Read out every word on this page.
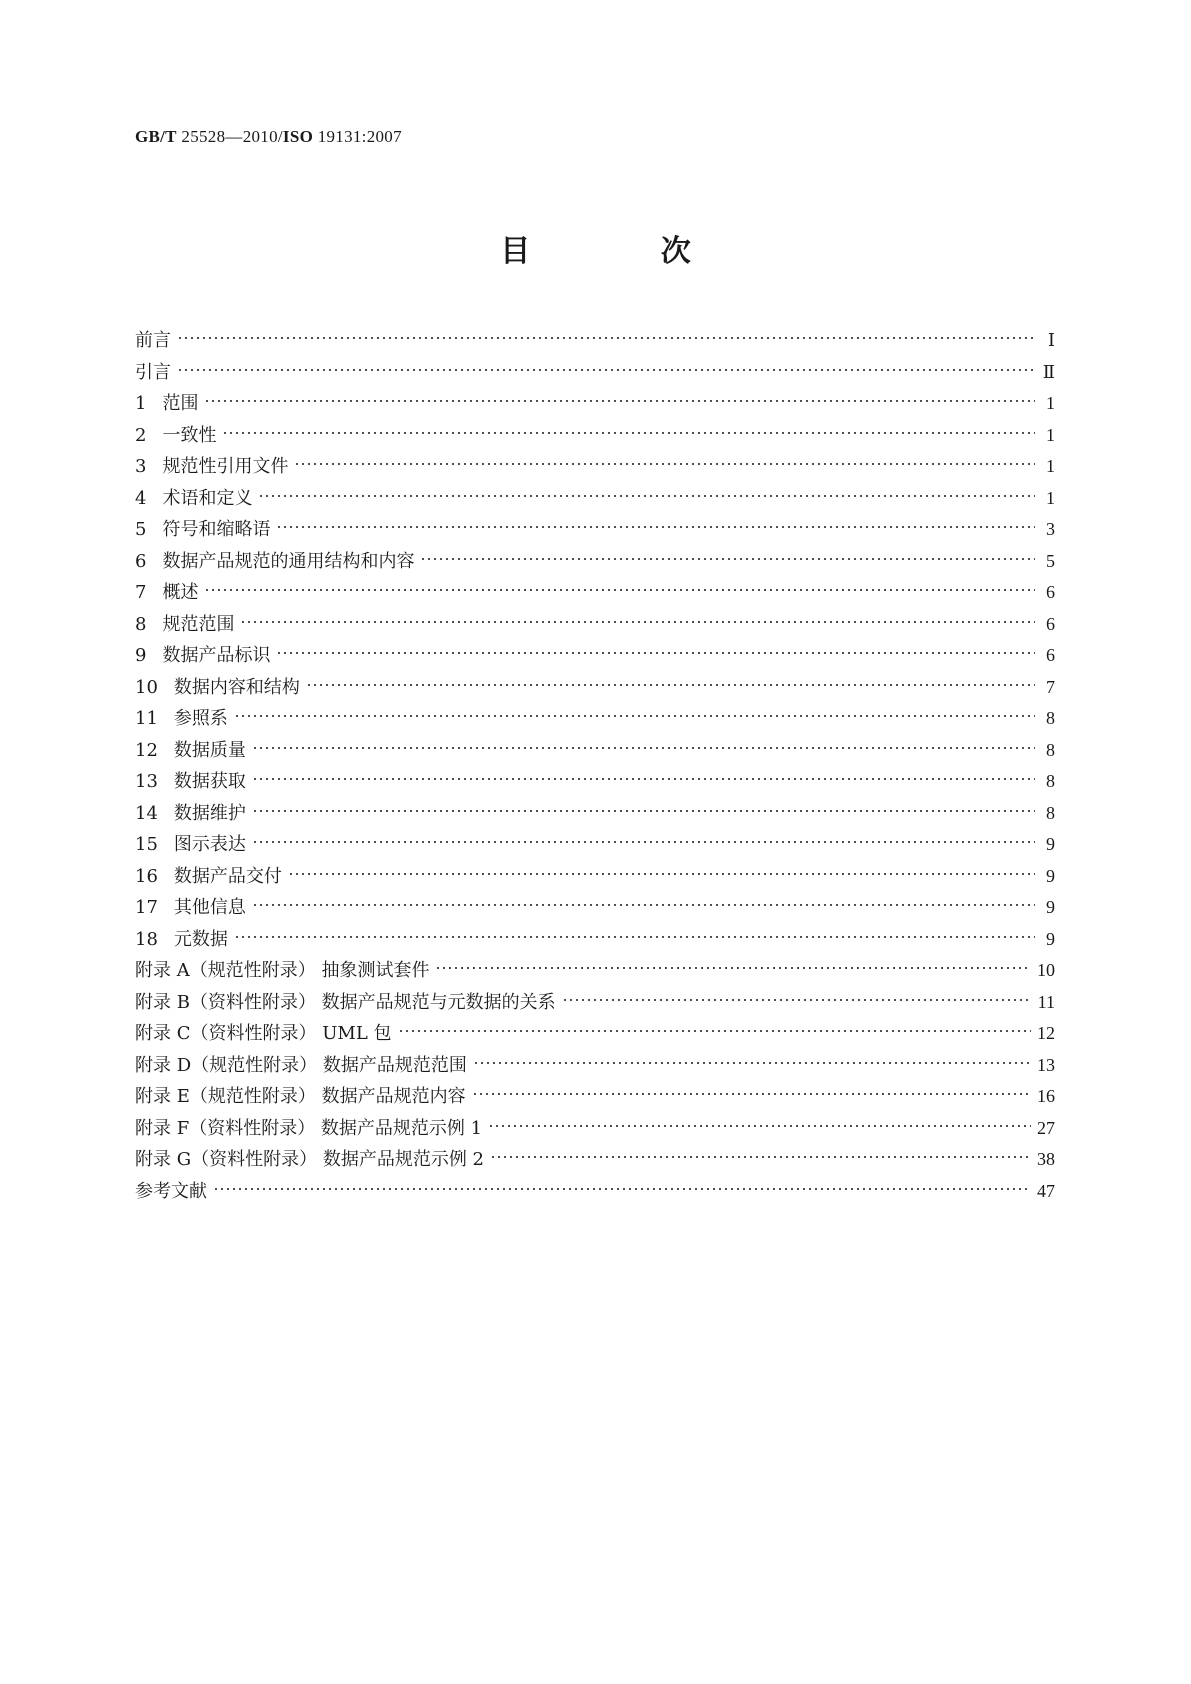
GB/T 25528—2010/ISO 19131:2007
目 次
前言	Ⅰ
引言	Ⅱ
1 范围	1
2 一致性	1
3 规范性引用文件	1
4 术语和定义	1
5 符号和缩略语	3
6 数据产品规范的通用结构和内容	5
7 概述	6
8 规范范围	6
9 数据产品标识	6
10 数据内容和结构	7
11 参照系	8
12 数据质量	8
13 数据获取	8
14 数据维护	8
15 图示表达	9
16 数据产品交付	9
17 其他信息	9
18 元数据	9
附录 A（规范性附录） 抽象测试套件	10
附录 B（资料性附录） 数据产品规范与元数据的关系	11
附录 C（资料性附录） UML 包	12
附录 D（规范性附录） 数据产品规范范围	13
附录 E（规范性附录） 数据产品规范内容	16
附录 F（资料性附录） 数据产品规范示例 1	27
附录 G（资料性附录） 数据产品规范示例 2	38
参考文献	47
